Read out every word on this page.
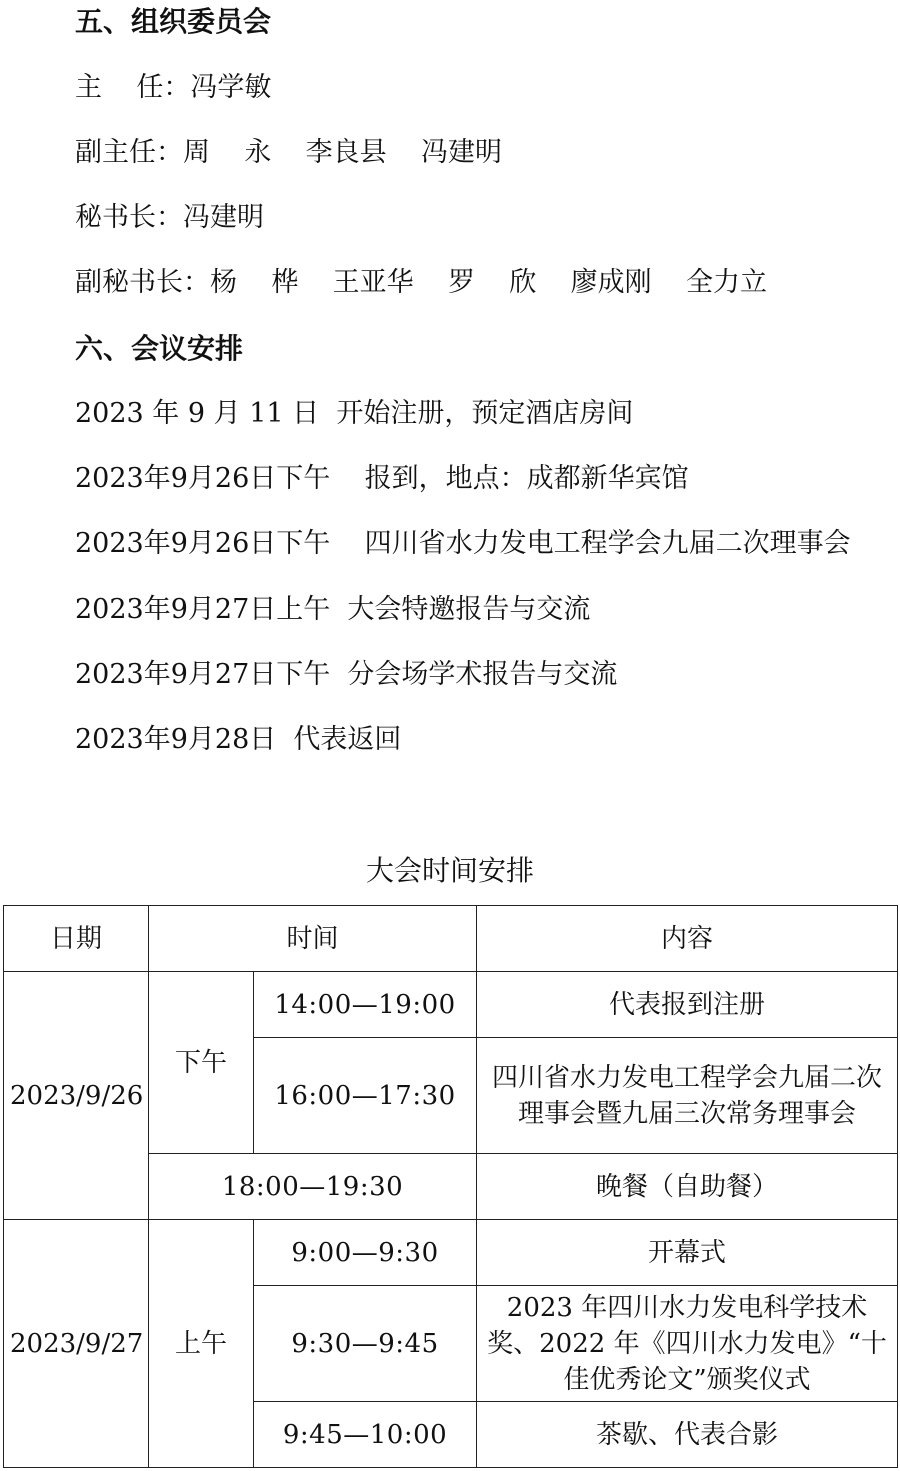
五、组织委员会

主    任：冯学敏

副主任：周    永    李良县    冯建明

秘书长：冯建明

副秘书长：杨    桦    王亚华    罗    欣    廖成刚    全力立

六、会议安排

2023 年 9 月 11 日  开始注册，预定酒店房间

2023年9月26日下午    报到，地点：成都新华宾馆

2023年9月26日下午    四川省水力发电工程学会九届二次理事会

2023年9月27日上午  大会特邀报告与交流

2023年9月27日下午  分会场学术报告与交流

2023年9月28日  代表返回

大会时间安排

日期	时间		内容
2023/9/26	下午	14:00—19:00	代表报到注册
		16:00—17:30	四川省水力发电工程学会九届二次理事会暨九届三次常务理事会
	18:00—19:30		晚餐（自助餐）
2023/9/27	上午	9:00—9:30	开幕式
		9:30—9:45	2023 年四川水力发电科学技术奖、2022 年《四川水力发电》“十佳优秀论文”颁奖仪式
		9:45—10:00	茶歇、代表合影
